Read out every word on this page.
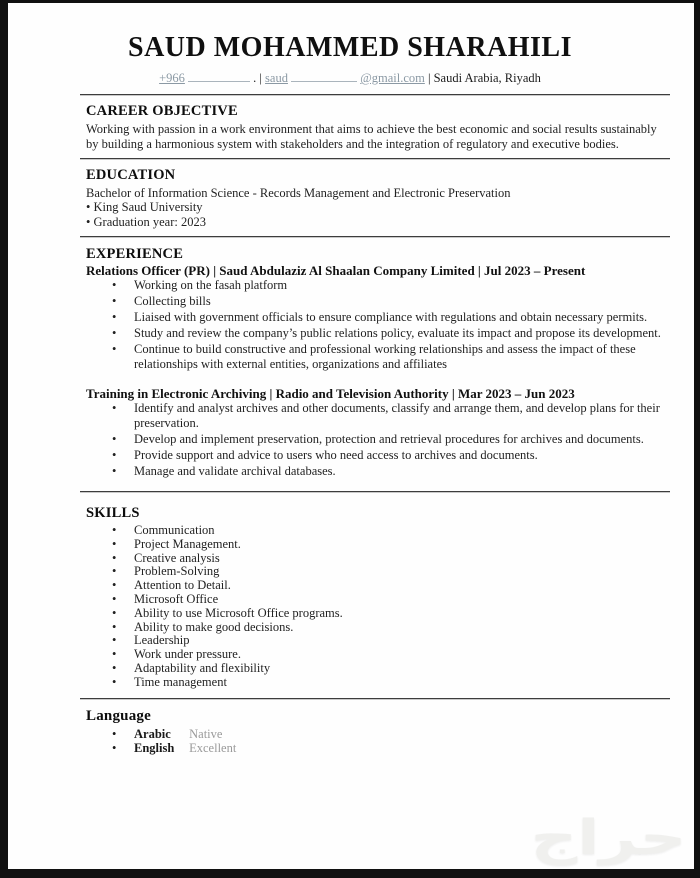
SAUD MOHAMMED SHARAHILI
+966	. | saud	@gmail.com | Saudi Arabia, Riyadh
CAREER OBJECTIVE
Working with passion in a work environment that aims to achieve the best economic and social results sustainably by building a harmonious system with stakeholders and the integration of regulatory and executive bodies.
EDUCATION
Bachelor of Information Science - Records Management and Electronic Preservation
• King Saud University
• Graduation year: 2023
EXPERIENCE
Relations Officer (PR) | Saud Abdulaziz Al Shaalan Company Limited | Jul 2023 – Present
• Working on the fasah platform
• Collecting bills
• Liaised with government officials to ensure compliance with regulations and obtain necessary permits.
• Study and review the company’s public relations policy, evaluate its impact and propose its development.
• Continue to build constructive and professional working relationships and assess the impact of these relationships with external entities, organizations and affiliates
Training in Electronic Archiving | Radio and Television Authority | Mar 2023 – Jun 2023
• Identify and analyst archives and other documents, classify and arrange them, and develop plans for their preservation.
• Develop and implement preservation, protection and retrieval procedures for archives and documents.
• Provide support and advice to users who need access to archives and documents.
• Manage and validate archival databases.
SKILLS
• Communication
• Project Management.
• Creative analysis
• Problem-Solving
• Attention to Detail.
• Microsoft Office
• Ability to use Microsoft Office programs.
• Ability to make good decisions.
• Leadership
• Work under pressure.
• Adaptability and flexibility
• Time management
Language
• Arabic Native
• English Excellent
حراج
